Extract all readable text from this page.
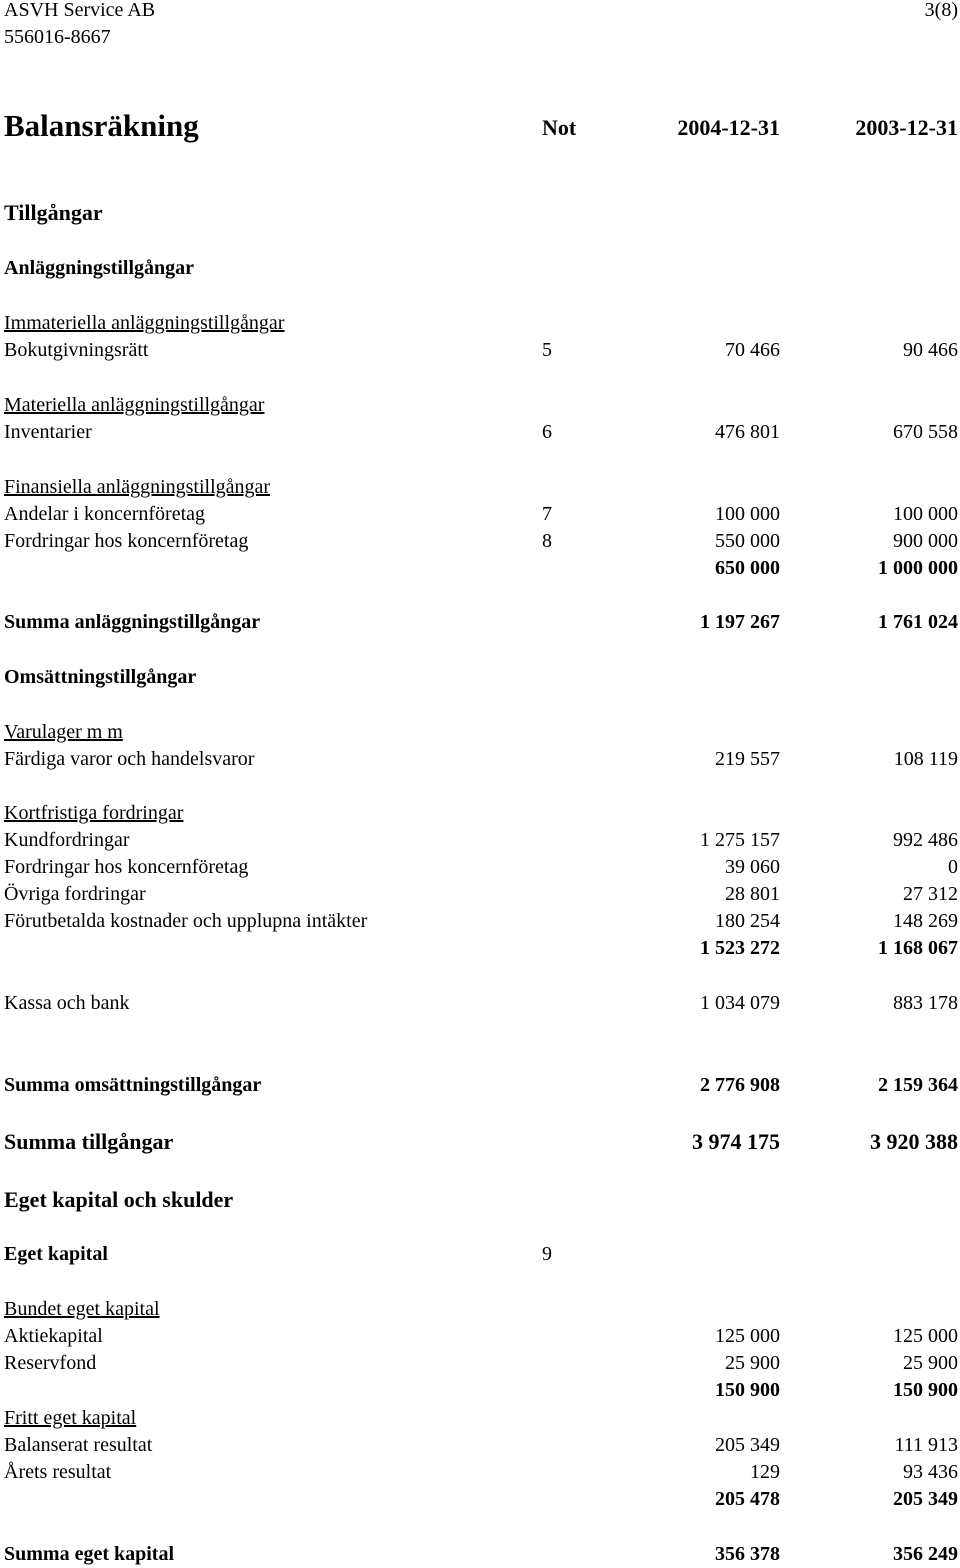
ASVH Service AB
556016-8667
3(8)
Balansräkning	Not	2004-12-31	2003-12-31
Tillgångar
Anläggningstillgångar
Immateriella anläggningstillgångar
Bokutgivningsrätt	5	70 466	90 466
Materiella anläggningstillgångar
Inventarier	6	476 801	670 558
Finansiella anläggningstillgångar
Andelar i koncernföretag	7	100 000	100 000
Fordringar hos koncernföretag	8	550 000	900 000
650 000	1 000 000
Summa anläggningstillgångar	1 197 267	1 761 024
Omsättningstillgångar
Varulager m m
Färdiga varor och handelsvaror	219 557	108 119
Kortfristiga fordringar
Kundfordringar	1 275 157	992 486
Fordringar hos koncernföretag	39 060	0
Övriga fordringar	28 801	27 312
Förutbetalda kostnader och upplupna intäkter	180 254	148 269
1 523 272	1 168 067
Kassa och bank	1 034 079	883 178
Summa omsättningstillgångar	2 776 908	2 159 364
Summa tillgångar	3 974 175	3 920 388
Eget kapital och skulder
Eget kapital	9
Bundet eget kapital
Aktiekapital	125 000	125 000
Reservfond	25 900	25 900
150 900	150 900
Fritt eget kapital
Balanserat resultat	205 349	111 913
Årets resultat	129	93 436
205 478	205 349
Summa eget kapital	356 378	356 249
